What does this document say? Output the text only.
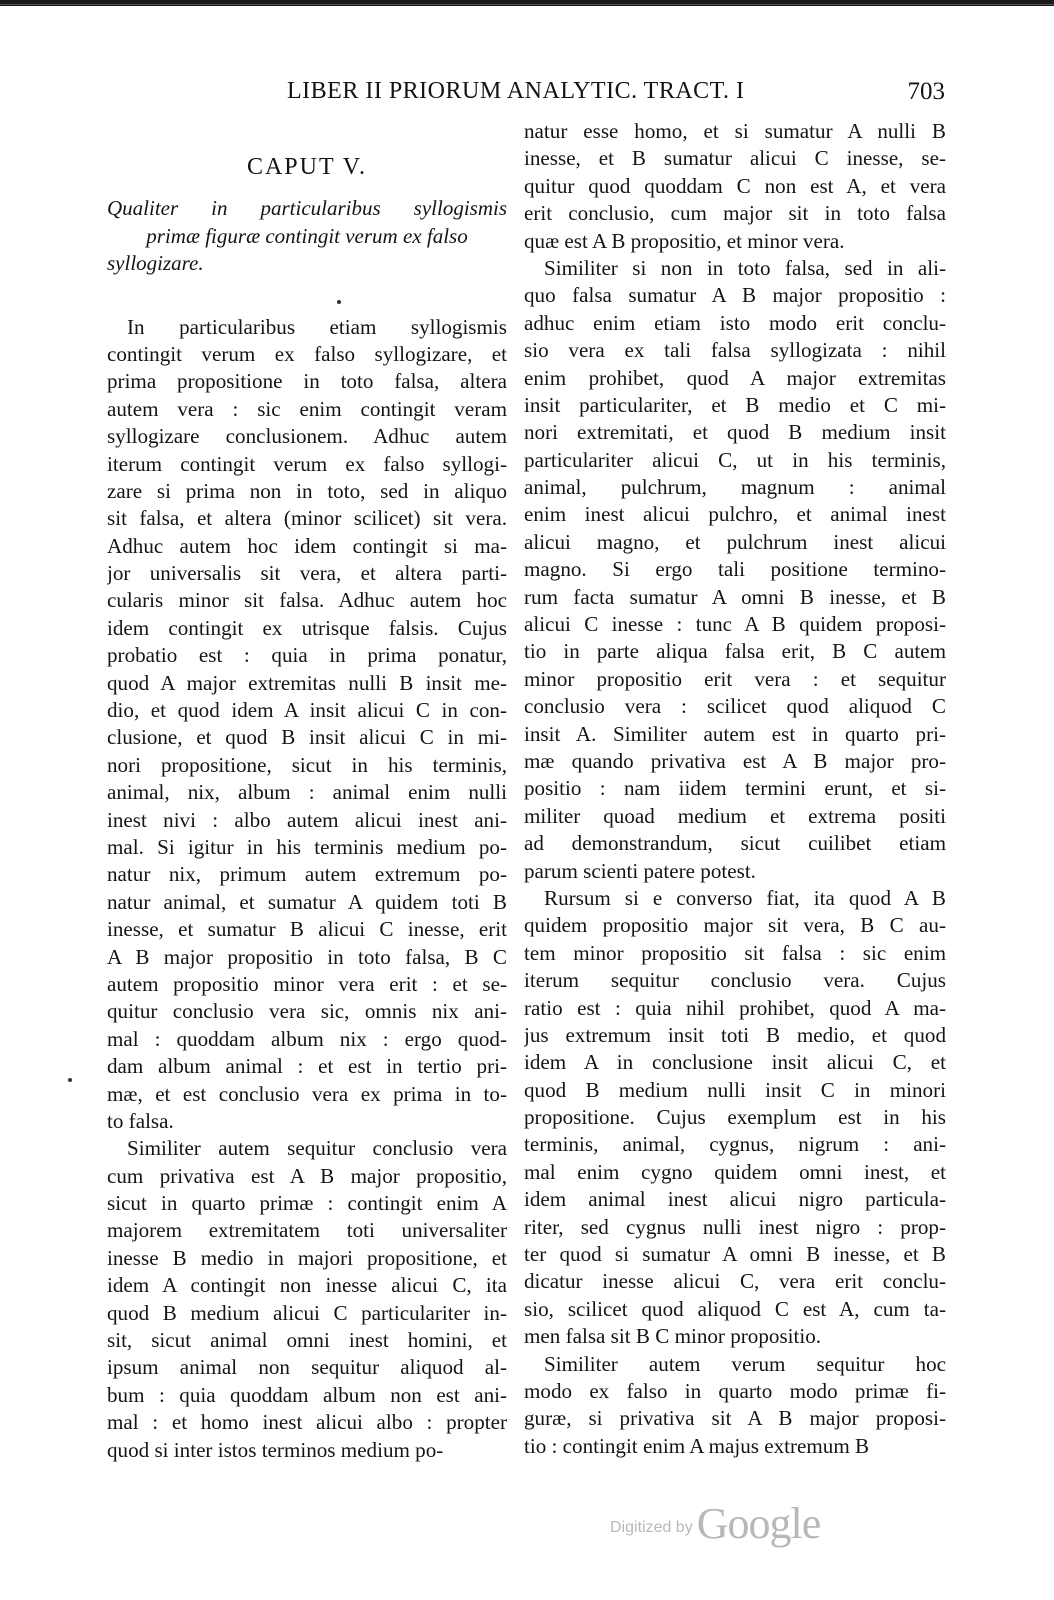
LIBER II PRIORUM ANALYTIC. TRACT. I	703
CAPUT V.
Qualiter in particularibus syllogismis
primæ figuræ contingit verum ex falso
syllogizare.
In particularibus etiam syllogismis
contingit verum ex falso syllogizare, et
prima propositione in toto falsa, altera
autem vera : sic enim contingit veram
syllogizare conclusionem. Adhuc autem
iterum contingit verum ex falso syllogi-
zare si prima non in toto, sed in aliquo
sit falsa, et altera (minor scilicet) sit vera.
Adhuc autem hoc idem contingit si ma-
jor universalis sit vera, et altera parti-
cularis minor sit falsa. Adhuc autem hoc
idem contingit ex utrisque falsis. Cujus
probatio est : quia in prima ponatur,
quod A major extremitas nulli B insit me-
dio, et quod idem A insit alicui C in con-
clusione, et quod B insit alicui C in mi-
nori propositione, sicut in his terminis,
animal, nix, album : animal enim nulli
inest nivi : albo autem alicui inest ani-
mal. Si igitur in his terminis medium po-
natur nix, primum autem extremum po-
natur animal, et sumatur A quidem toti B
inesse, et sumatur B alicui C inesse, erit
A B major propositio in toto falsa, B C
autem propositio minor vera erit : et se-
quitur conclusio vera sic, omnis nix ani-
mal : quoddam album nix : ergo quod-
dam album animal : et est in tertio pri-
mæ, et est conclusio vera ex prima in to-
to falsa.
Similiter autem sequitur conclusio vera
cum privativa est A B major propositio,
sicut in quarto primæ : contingit enim A
majorem extremitatem toti universaliter
inesse B medio in majori propositione, et
idem A contingit non inesse alicui C, ita
quod B medium alicui C particulariter in-
sit, sicut animal omni inest homini, et
ipsum animal non sequitur aliquod al-
bum : quia quoddam album non est ani-
mal : et homo inest alicui albo : propter
quod si inter istos terminos medium po-
natur esse homo, et si sumatur A nulli B
inesse, et B sumatur alicui C inesse, se-
quitur quod quoddam C non est A, et vera
erit conclusio, cum major sit in toto falsa
quæ est A B propositio, et minor vera.
Similiter si non in toto falsa, sed in ali-
quo falsa sumatur A B major propositio :
adhuc enim etiam isto modo erit conclu-
sio vera ex tali falsa syllogizata : nihil
enim prohibet, quod A major extremitas
insit particulariter, et B medio et C mi-
nori extremitati, et quod B medium insit
particulariter alicui C, ut in his terminis,
animal, pulchrum, magnum : animal
enim inest alicui pulchro, et animal inest
alicui magno, et pulchrum inest alicui
magno. Si ergo tali positione termino-
rum facta sumatur A omni B inesse, et B
alicui C inesse : tunc A B quidem proposi-
tio in parte aliqua falsa erit, B C autem
minor propositio erit vera : et sequitur
conclusio vera : scilicet quod aliquod C
insit A. Similiter autem est in quarto pri-
mæ quando privativa est A B major pro-
positio : nam iidem termini erunt, et si-
militer quoad medium et extrema positi
ad demonstrandum, sicut cuilibet etiam
parum scienti patere potest.
Rursum si e converso fiat, ita quod A B
quidem propositio major sit vera, B C au-
tem minor propositio sit falsa : sic enim
iterum sequitur conclusio vera. Cujus
ratio est : quia nihil prohibet, quod A ma-
jus extremum insit toti B medio, et quod
idem A in conclusione insit alicui C, et
quod B medium nulli insit C in minori
propositione. Cujus exemplum est in his
terminis, animal, cygnus, nigrum : ani-
mal enim cygno quidem omni inest, et
idem animal inest alicui nigro particula-
riter, sed cygnus nulli inest nigro : prop-
ter quod si sumatur A omni B inesse, et B
dicatur inesse alicui C, vera erit conclu-
sio, scilicet quod aliquod C est A, cum ta-
men falsa sit B C minor propositio.
Similiter autem verum sequitur hoc
modo ex falso in quarto modo primæ fi-
guræ, si privativa sit A B major proposi-
tio : contingit enim A majus extremum B
Digitized by Google
